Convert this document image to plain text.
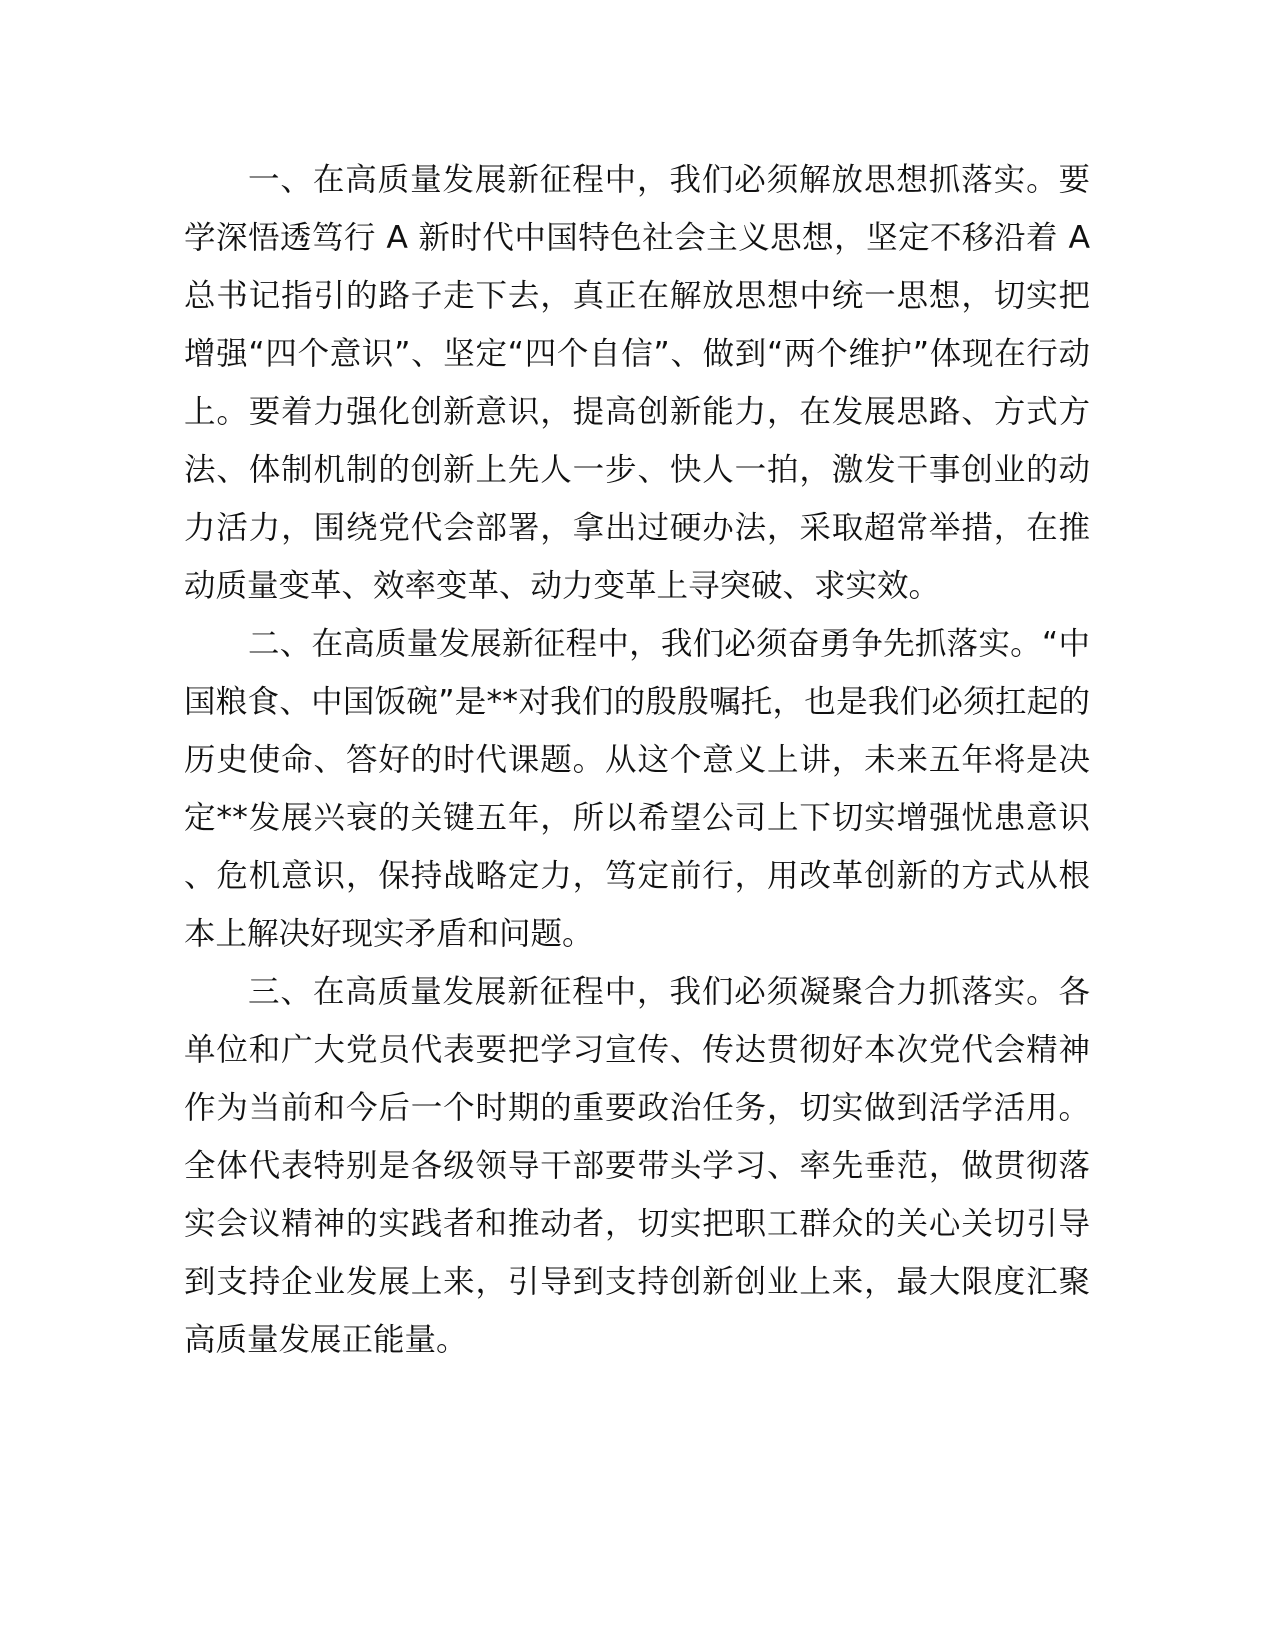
一、在高质量发展新征程中，我们必须解放思想抓落实。要学深悟透笃行 A 新时代中国特色社会主义思想，坚定不移沿着 A 总书记指引的路子走下去，真正在解放思想中统一思想，切实把增强“四个意识”、坚定“四个自信”、做到“两个维护”体现在行动上。要着力强化创新意识，提高创新能力，在发展思路、方式方法、体制机制的创新上先人一步、快人一拍，激发干事创业的动力活力，围绕党代会部署，拿出过硬办法，采取超常举措，在推动质量变革、效率变革、动力变革上寻突破、求实效。

二、在高质量发展新征程中，我们必须奋勇争先抓落实。“中国粮食、中国饭碗”是**对我们的殷殷嘱托，也是我们必须扛起的历史使命、答好的时代课题。从这个意义上讲，未来五年将是决定**发展兴衰的关键五年，所以希望公司上下切实增强忧患意识、危机意识，保持战略定力，笃定前行，用改革创新的方式从根本上解决好现实矛盾和问题。

三、在高质量发展新征程中，我们必须凝聚合力抓落实。各单位和广大党员代表要把学习宣传、传达贯彻好本次党代会精神作为当前和今后一个时期的重要政治任务，切实做到活学活用。全体代表特别是各级领导干部要带头学习、率先垂范，做贯彻落实会议精神的实践者和推动者，切实把职工群众的关心关切引导到支持企业发展上来，引导到支持创新创业上来，最大限度汇聚高质量发展正能量。
